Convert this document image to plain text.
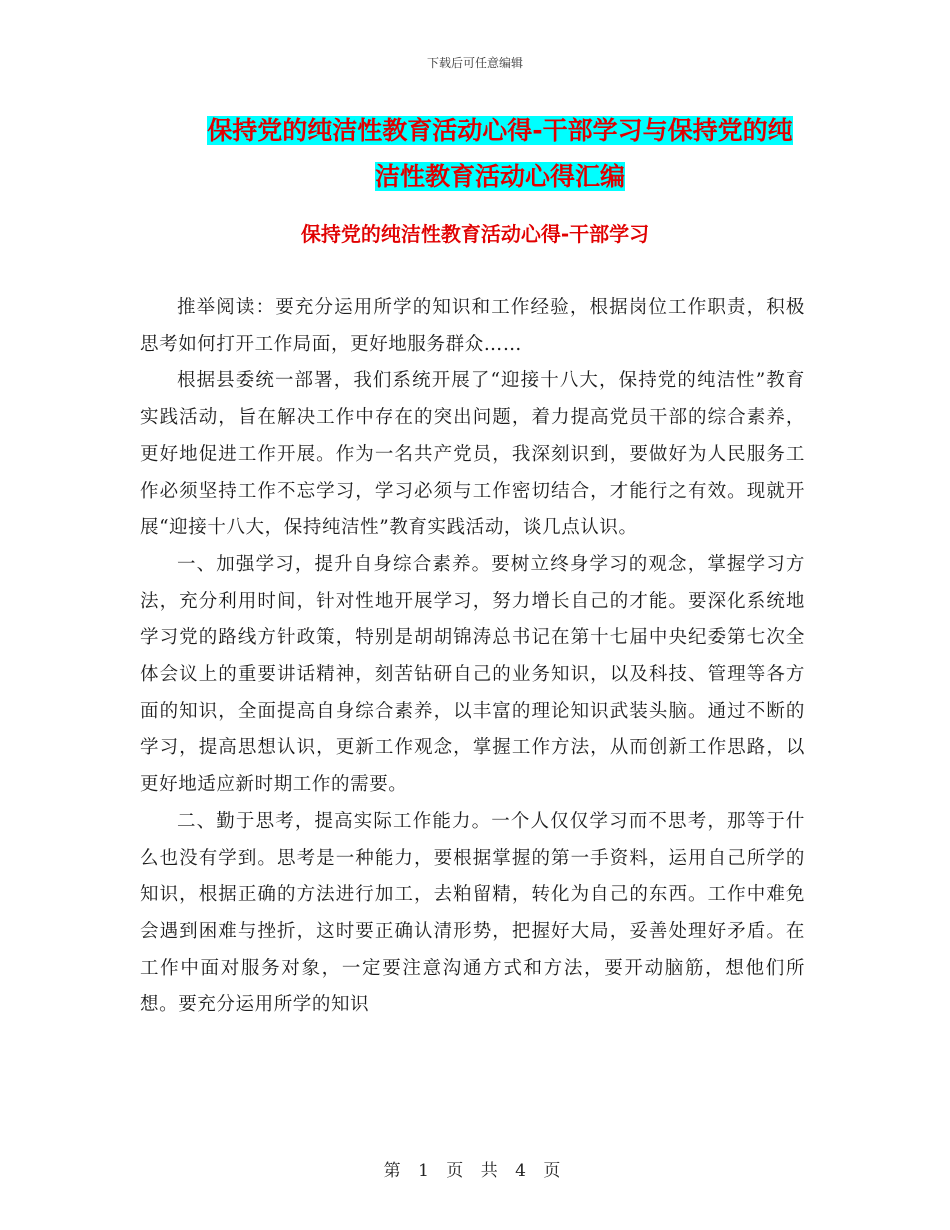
下载后可任意编辑
保持党的纯洁性教育活动心得-干部学习与保持党的纯
洁性教育活动心得汇编
保持党的纯洁性教育活动心得-干部学习

推举阅读：要充分运用所学的知识和工作经验，根据岗位工作职责，积极思考如何打开工作局面，更好地服务群众……

根据县委统一部署，我们系统开展了“迎接十八大，保持党的纯洁性”教育实践活动，旨在解决工作中存在的突出问题，着力提高党员干部的综合素养，更好地促进工作开展。作为一名共产党员，我深刻识到，要做好为人民服务工作必须坚持工作不忘学习，学习必须与工作密切结合，才能行之有效。现就开展“迎接十八大，保持纯洁性”教育实践活动，谈几点认识。

一、加强学习，提升自身综合素养。要树立终身学习的观念，掌握学习方法，充分利用时间，针对性地开展学习，努力增长自己的才能。要深化系统地学习党的路线方针政策，特别是胡胡锦涛总书记在第十七届中央纪委第七次全体会议上的重要讲话精神，刻苦钻研自己的业务知识，以及科技、管理等各方面的知识，全面提高自身综合素养，以丰富的理论知识武装头脑。通过不断的学习，提高思想认识，更新工作观念，掌握工作方法，从而创新工作思路，以更好地适应新时期工作的需要。

二、勤于思考，提高实际工作能力。一个人仅仅学习而不思考，那等于什么也没有学到。思考是一种能力，要根据掌握的第一手资料，运用自己所学的知识，根据正确的方法进行加工，去粕留精，转化为自己的东西。工作中难免会遇到困难与挫折，这时要正确认清形势，把握好大局，妥善处理好矛盾。在工作中面对服务对象，一定要注意沟通方式和方法，要开动脑筋，想他们所想。要充分运用所学的知识

第 1 页 共 4 页
